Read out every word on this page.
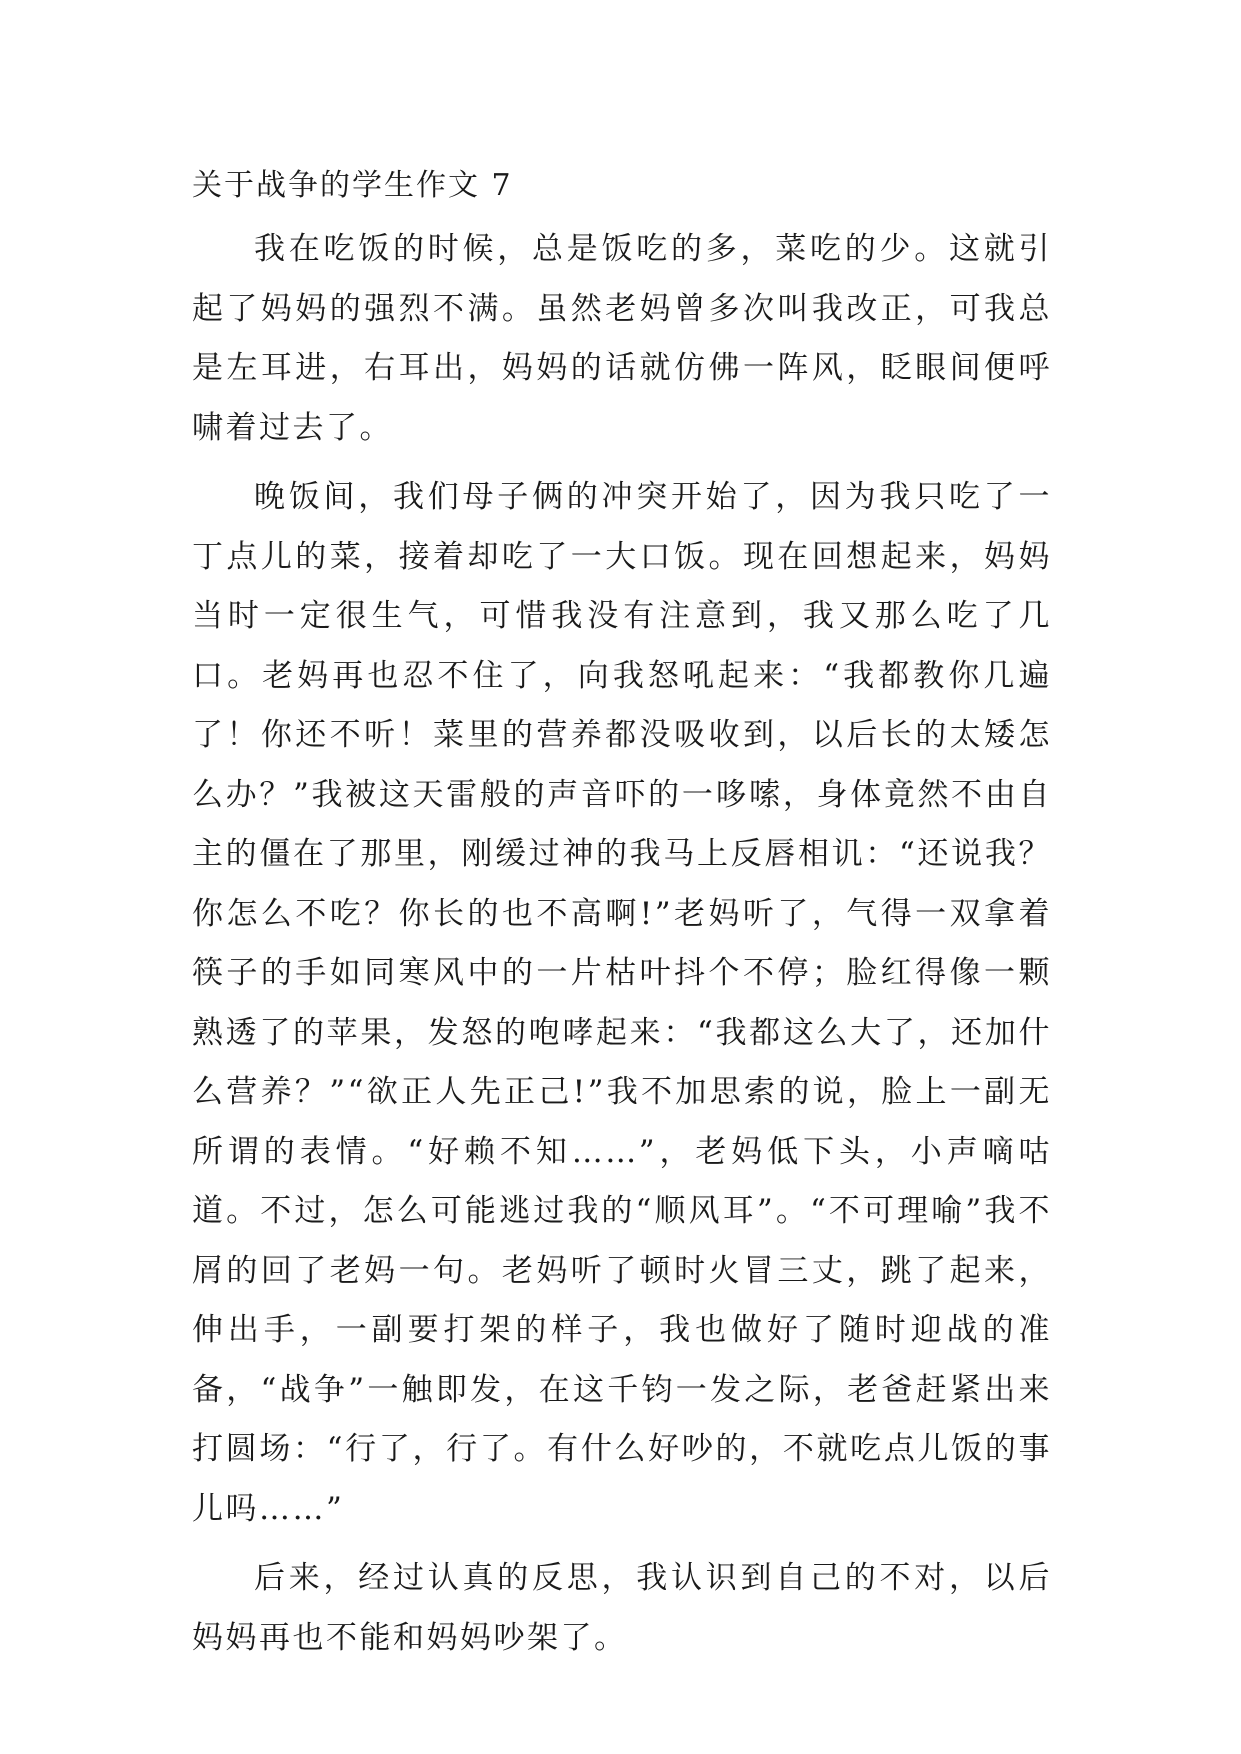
关于战争的学生作文 7

我在吃饭的时候，总是饭吃的多，菜吃的少。这就引起了妈妈的强烈不满。虽然老妈曾多次叫我改正，可我总是左耳进，右耳出，妈妈的话就仿佛一阵风，眨眼间便呼啸着过去了。

晚饭间，我们母子俩的冲突开始了，因为我只吃了一丁点儿的菜，接着却吃了一大口饭。现在回想起来，妈妈当时一定很生气，可惜我没有注意到，我又那么吃了几口。老妈再也忍不住了，向我怒吼起来：“我都教你几遍了！你还不听！菜里的营养都没吸收到，以后长的太矮怎么办？”我被这天雷般的声音吓的一哆嗦，身体竟然不由自主的僵在了那里，刚缓过神的我马上反唇相讥：“还说我？你怎么不吃？你长的也不高啊!”老妈听了，气得一双拿着筷子的手如同寒风中的一片枯叶抖个不停；脸红得像一颗熟透了的苹果，发怒的咆哮起来：“我都这么大了，还加什么营养？”“欲正人先正己!”我不加思索的说，脸上一副无所谓的表情。“好赖不知……”，老妈低下头，小声嘀咕道。不过，怎么可能逃过我的“顺风耳”。“不可理喻”我不屑的回了老妈一句。老妈听了顿时火冒三丈，跳了起来，伸出手，一副要打架的样子，我也做好了随时迎战的准备，“战争”一触即发，在这千钧一发之际，老爸赶紧出来打圆场：“行了，行了。有什么好吵的，不就吃点儿饭的事儿吗……”

后来，经过认真的反思，我认识到自己的不对，以后妈妈再也不能和妈妈吵架了。
